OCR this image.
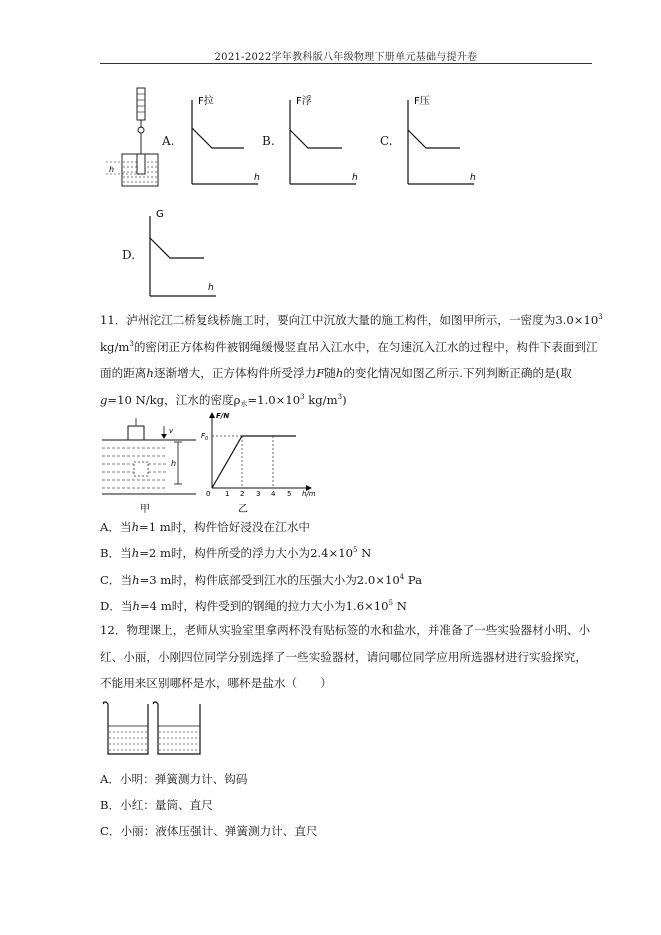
2021-2022学年教科版八年级物理下册单元基础与提升卷
h
A.
F拉
h
B.
F浮
h
C.
F压
h
D.
G
h
11．泸州沱江二桥复线桥施工时，要向江中沉放大量的施工构件，如图甲所示，一密度为$3.0\times 10^3$
$kg/m^3$的密闭正方体构件被钢绳缓慢竖直吊入江水中，在匀速沉入江水的过程中，构件下表面到江
面的距离h逐渐增大，正方体构件所受浮力F随h的变化情况如图乙所示.下列判断正确的是(取
g=10 N/kg，江水的密度$\rho_水=1.0\times 10^3$ $kg/m^3$)
v
h
甲
F/N
$F_0$
0 1 2 3 4 5 h/m
乙
A．当h=1 m时，构件恰好浸没在江水中
B．当h=2 m时，构件所受的浮力大小为$2.4\times 10^5$ N
C．当h=3 m时，构件底部受到江水的压强大小为$2.0\times 10^4$ Pa
D．当h=4 m时，构件受到的钢绳的拉力大小为$1.6\times 10^5$ N
12．物理课上，老师从实验室里拿两杯没有贴标签的水和盐水，并准备了一些实验器材小明、小
红、小丽，小刚四位同学分别选择了一些实验器材，请问哪位同学应用所选器材进行实验探究，
不能用来区别哪杯是水，哪杯是盐水（　　）
A．小明：弹簧测力计、钩码
B．小红：量筒、直尺
C．小丽：液体压强计、弹簧测力计、直尺
